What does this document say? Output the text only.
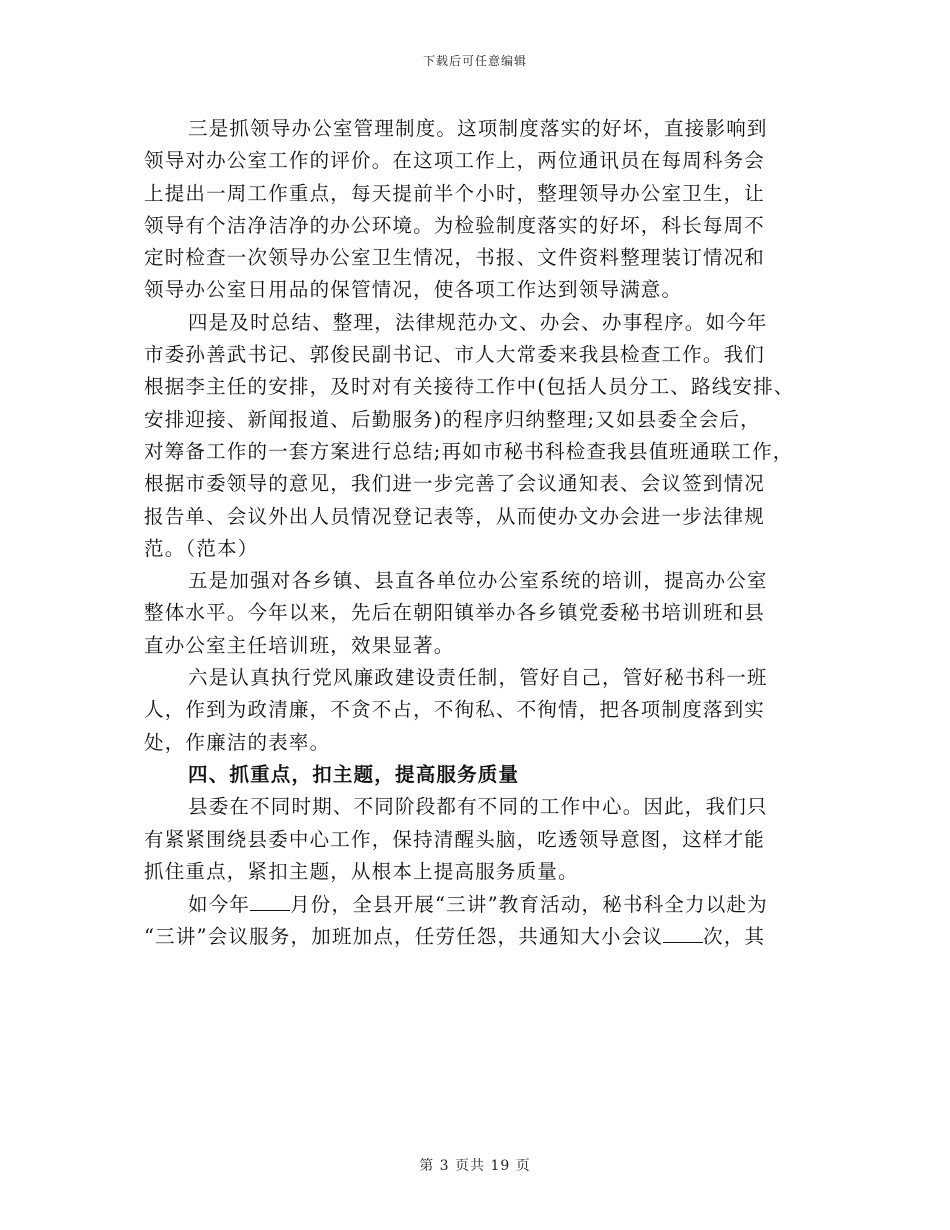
下载后可任意编辑
三是抓领导办公室管理制度。这项制度落实的好坏，直接影响到
领导对办公室工作的评价。在这项工作上，两位通讯员在每周科务会
上提出一周工作重点，每天提前半个小时，整理领导办公室卫生，让
领导有个洁净洁净的办公环境。为检验制度落实的好坏，科长每周不
定时检查一次领导办公室卫生情况，书报、文件资料整理装订情况和
领导办公室日用品的保管情况，使各项工作达到领导满意。
四是及时总结、整理，法律规范办文、办会、办事程序。如今年
市委孙善武书记、郭俊民副书记、市人大常委来我县检查工作。我们
根据李主任的安排，及时对有关接待工作中(包括人员分工、路线安排、
安排迎接、新闻报道、后勤服务)的程序归纳整理;又如县委全会后，
对筹备工作的一套方案进行总结;再如市秘书科检查我县值班通联工作，
根据市委领导的意见，我们进一步完善了会议通知表、会议签到情况
报告单、会议外出人员情况登记表等，从而使办文办会进一步法律规
范。（范本）
五是加强对各乡镇、县直各单位办公室系统的培训，提高办公室
整体水平。今年以来，先后在朝阳镇举办各乡镇党委秘书培训班和县
直办公室主任培训班，效果显著。
六是认真执行党风廉政建设责任制，管好自己，管好秘书科一班
人，作到为政清廉，不贪不占，不徇私、不徇情，把各项制度落到实
处，作廉洁的表率。
四、抓重点，扣主题，提高服务质量
县委在不同时期、不同阶段都有不同的工作中心。因此，我们只
有紧紧围绕县委中心工作，保持清醒头脑，吃透领导意图，这样才能
抓住重点，紧扣主题，从根本上提高服务质量。
如今年 月份，全县开展“三讲”教育活动，秘书科全力以赴为
“三讲”会议服务，加班加点，任劳任怨，共通知大小会议 次，其
第 3 页共 19 页
